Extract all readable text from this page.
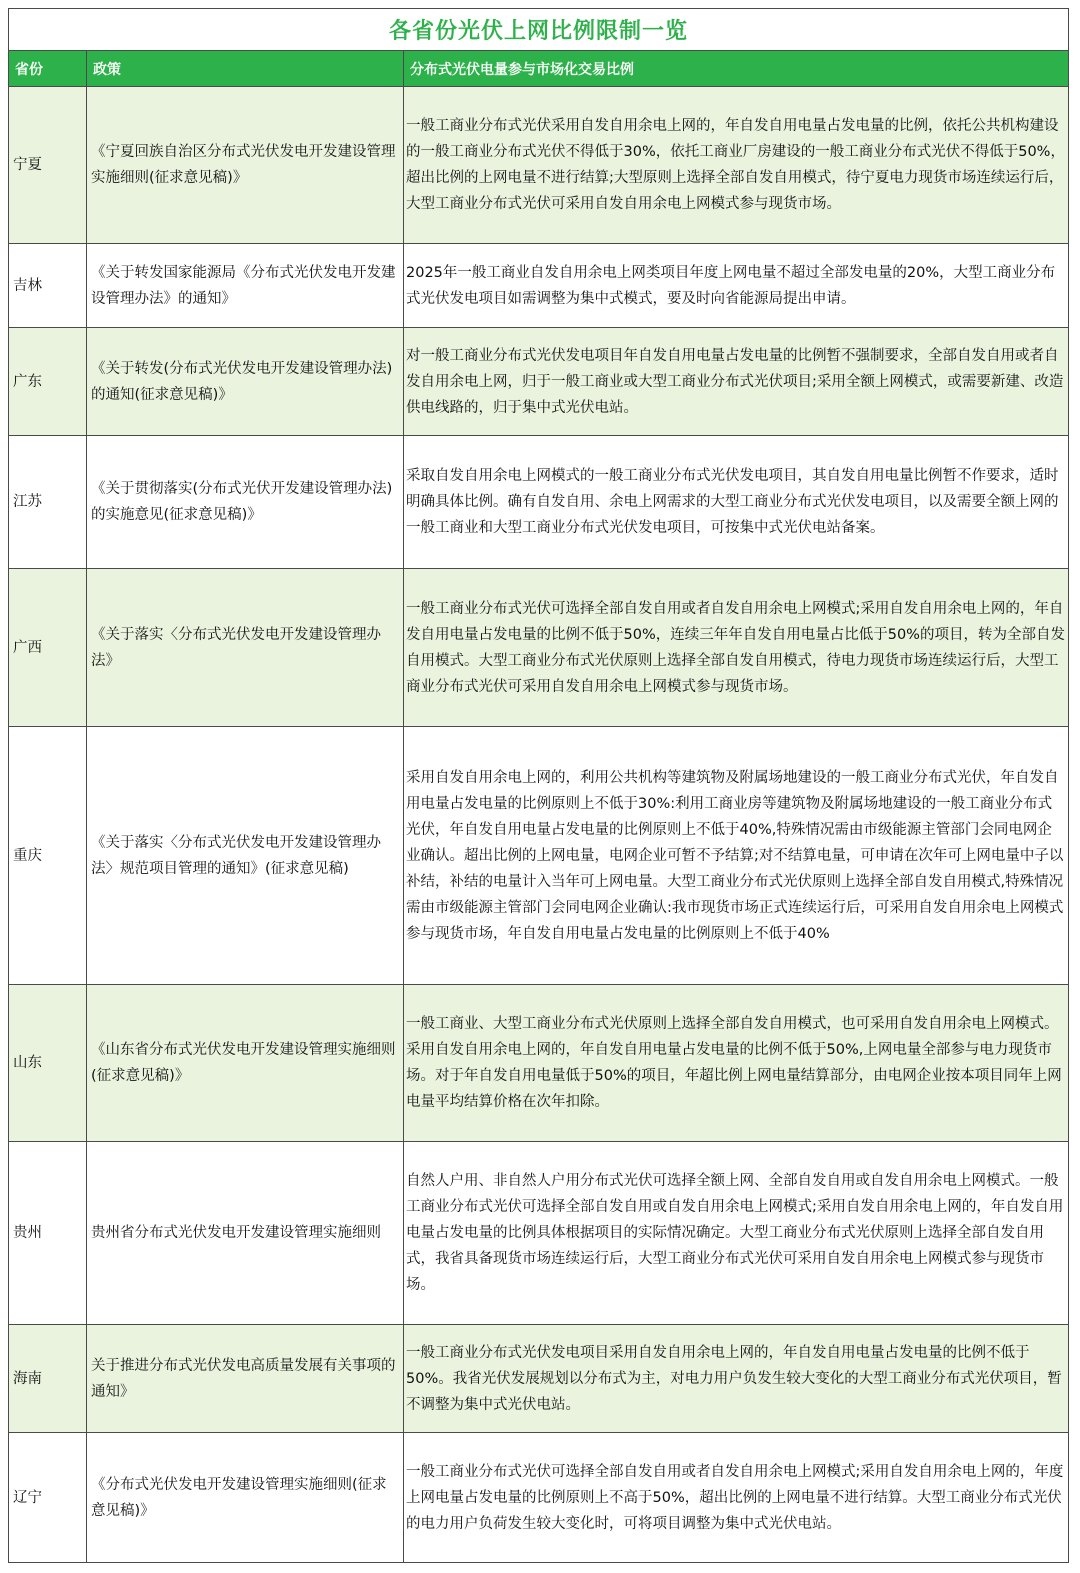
各省份光伏上网比例限制一览		
省份	政策	分布式光伏电量参与市场化交易比例
宁夏	《宁夏回族自治区分布式光伏发电开发建设管理实施细则(征求意见稿)》	一般工商业分布式光伏采用自发自用余电上网的，年自发自用电量占发电量的比例，依托公共机构建设的一般工商业分布式光伏不得低于30%，依托工商业厂房建设的一般工商业分布式光伏不得低于50%，超出比例的上网电量不进行结算;大型原则上选择全部自发自用模式，待宁夏电力现货市场连续运行后，大型工商业分布式光伏可采用自发自用余电上网模式参与现货市场。
吉林	《关于转发国家能源局《分布式光伏发电开发建设管理办法》的通知》	2025年一般工商业自发自用余电上网类项目年度上网电量不超过全部发电量的20%，大型工商业分布式光伏发电项目如需调整为集中式模式，要及时向省能源局提出申请。
广东	《关于转发(分布式光伏发电开发建设管理办法)的通知(征求意见稿)》	对一般工商业分布式光伏发电项目年自发自用电量占发电量的比例暂不强制要求，全部自发自用或者自发自用余电上网，归于一般工商业或大型工商业分布式光伏项目;采用全额上网模式，或需要新建、改造供电线路的，归于集中式光伏电站。
江苏	《关于贯彻落实(分布式光伏开发建设管理办法)的实施意见(征求意见稿)》	采取自发自用余电上网模式的一般工商业分布式光伏发电项目，其自发自用电量比例暂不作要求，适时明确具体比例。确有自发自用、余电上网需求的大型工商业分布式光伏发电项目，以及需要全额上网的一般工商业和大型工商业分布式光伏发电项目，可按集中式光伏电站备案。
广西	《关于落实〈分布式光伏发电开发建设管理办法》	一般工商业分布式光伏可选择全部自发自用或者自发自用余电上网模式;采用自发自用余电上网的，年自发自用电量占发电量的比例不低于50%，连续三年年自发自用电量占比低于50%的项目，转为全部自发自用模式。大型工商业分布式光伏原则上选择全部自发自用模式，待电力现货市场连续运行后，大型工商业分布式光伏可采用自发自用余电上网模式参与现货市场。
重庆	《关于落实〈分布式光伏发电开发建设管理办法〉规范项目管理的通知》(征求意见稿)	采用自发自用余电上网的，利用公共机构等建筑物及附属场地建设的一般工商业分布式光伏，年自发自用电量占发电量的比例原则上不低于30%:利用工商业房等建筑物及附属场地建设的一般工商业分布式光伏，年自发自用电量占发电量的比例原则上不低于40%,特殊情况需由市级能源主管部门会同电网企业确认。超出比例的上网电量，电网企业可暂不予结算;对不结算电量，可申请在次年可上网电量中子以补结，补结的电量计入当年可上网电量。大型工商业分布式光伏原则上选择全部自发自用模式,特殊情况需由市级能源主管部门会同电网企业确认:我市现货市场正式连续运行后，可采用自发自用余电上网模式参与现货市场，年自发自用电量占发电量的比例原则上不低于40%
山东	《山东省分布式光伏发电开发建设管理实施细则(征求意见稿)》	一般工商业、大型工商业分布式光伏原则上选择全部自发自用模式，也可采用自发自用余电上网模式。采用自发自用余电上网的，年自发自用电量占发电量的比例不低于50%,上网电量全部参与电力现货市场。对于年自发自用电量低于50%的项目，年超比例上网电量结算部分，由电网企业按本项目同年上网电量平均结算价格在次年扣除。
贵州	贵州省分布式光伏发电开发建设管理实施细则	自然人户用、非自然人户用分布式光伏可选择全额上网、全部自发自用或自发自用余电上网模式。一般工商业分布式光伏可选择全部自发自用或自发自用余电上网模式;采用自发自用余电上网的，年自发自用电量占发电量的比例具体根据项目的实际情况确定。大型工商业分布式光伏原则上选择全部自发自用式，我省具备现货市场连续运行后，大型工商业分布式光伏可采用自发自用余电上网模式参与现货市场。
海南	关于推进分布式光伏发电高质量发展有关事项的通知》	一般工商业分布式光伏发电项目采用自发自用余电上网的，年自发自用电量占发电量的比例不低于50%。我省光伏发展规划以分布式为主，对电力用户负发生较大变化的大型工商业分布式光伏项目，暂不调整为集中式光伏电站。
辽宁	《分布式光伏发电开发建设管理实施细则(征求意见稿)》	一般工商业分布式光伏可选择全部自发自用或者自发自用余电上网模式;采用自发自用余电上网的，年度上网电量占发电量的比例原则上不高于50%，超出比例的上网电量不进行结算。大型工商业分布式光伏的电力用户负荷发生较大变化时，可将项目调整为集中式光伏电站。
